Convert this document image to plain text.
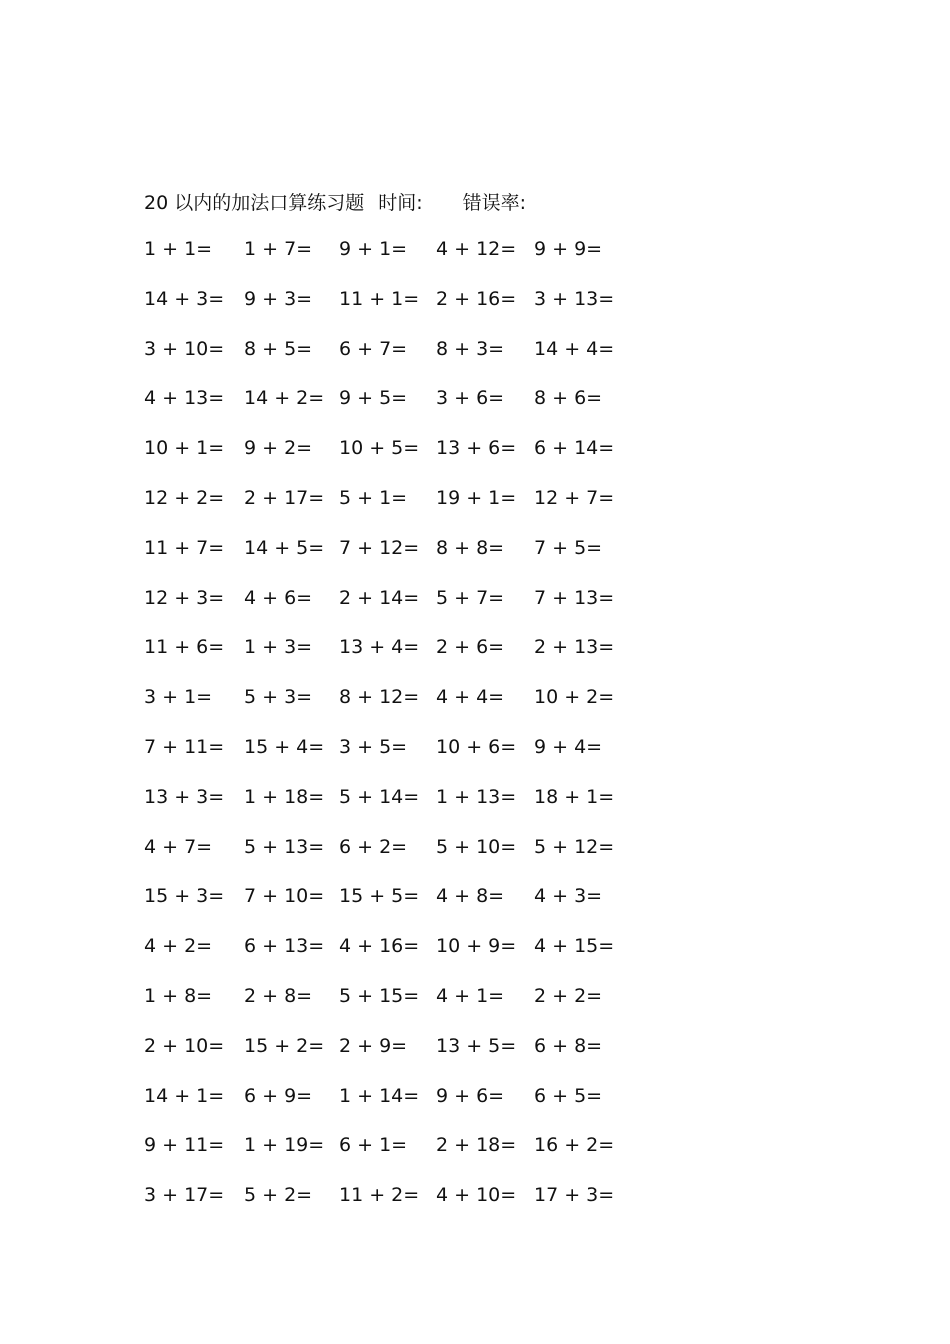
20 以内的加法口算练习题 时间: 错误率:
1 + 1= 1 + 7= 9 + 1= 4 + 12= 9 + 9=
14 + 3= 9 + 3= 11 + 1= 2 + 16= 3 + 13=
3 + 10= 8 + 5= 6 + 7= 8 + 3= 14 + 4=
4 + 13= 14 + 2= 9 + 5= 3 + 6= 8 + 6=
10 + 1= 9 + 2= 10 + 5= 13 + 6= 6 + 14=
12 + 2= 2 + 17= 5 + 1= 19 + 1= 12 + 7=
11 + 7= 14 + 5= 7 + 12= 8 + 8= 7 + 5=
12 + 3= 4 + 6= 2 + 14= 5 + 7= 7 + 13=
11 + 6= 1 + 3= 13 + 4= 2 + 6= 2 + 13=
3 + 1= 5 + 3= 8 + 12= 4 + 4= 10 + 2=
7 + 11= 15 + 4= 3 + 5= 10 + 6= 9 + 4=
13 + 3= 1 + 18= 5 + 14= 1 + 13= 18 + 1=
4 + 7= 5 + 13= 6 + 2= 5 + 10= 5 + 12=
15 + 3= 7 + 10= 15 + 5= 4 + 8= 4 + 3=
4 + 2= 6 + 13= 4 + 16= 10 + 9= 4 + 15=
1 + 8= 2 + 8= 5 + 15= 4 + 1= 2 + 2=
2 + 10= 15 + 2= 2 + 9= 13 + 5= 6 + 8=
14 + 1= 6 + 9= 1 + 14= 9 + 6= 6 + 5=
9 + 11= 1 + 19= 6 + 1= 2 + 18= 16 + 2=
3 + 17= 5 + 2= 11 + 2= 4 + 10= 17 + 3=
